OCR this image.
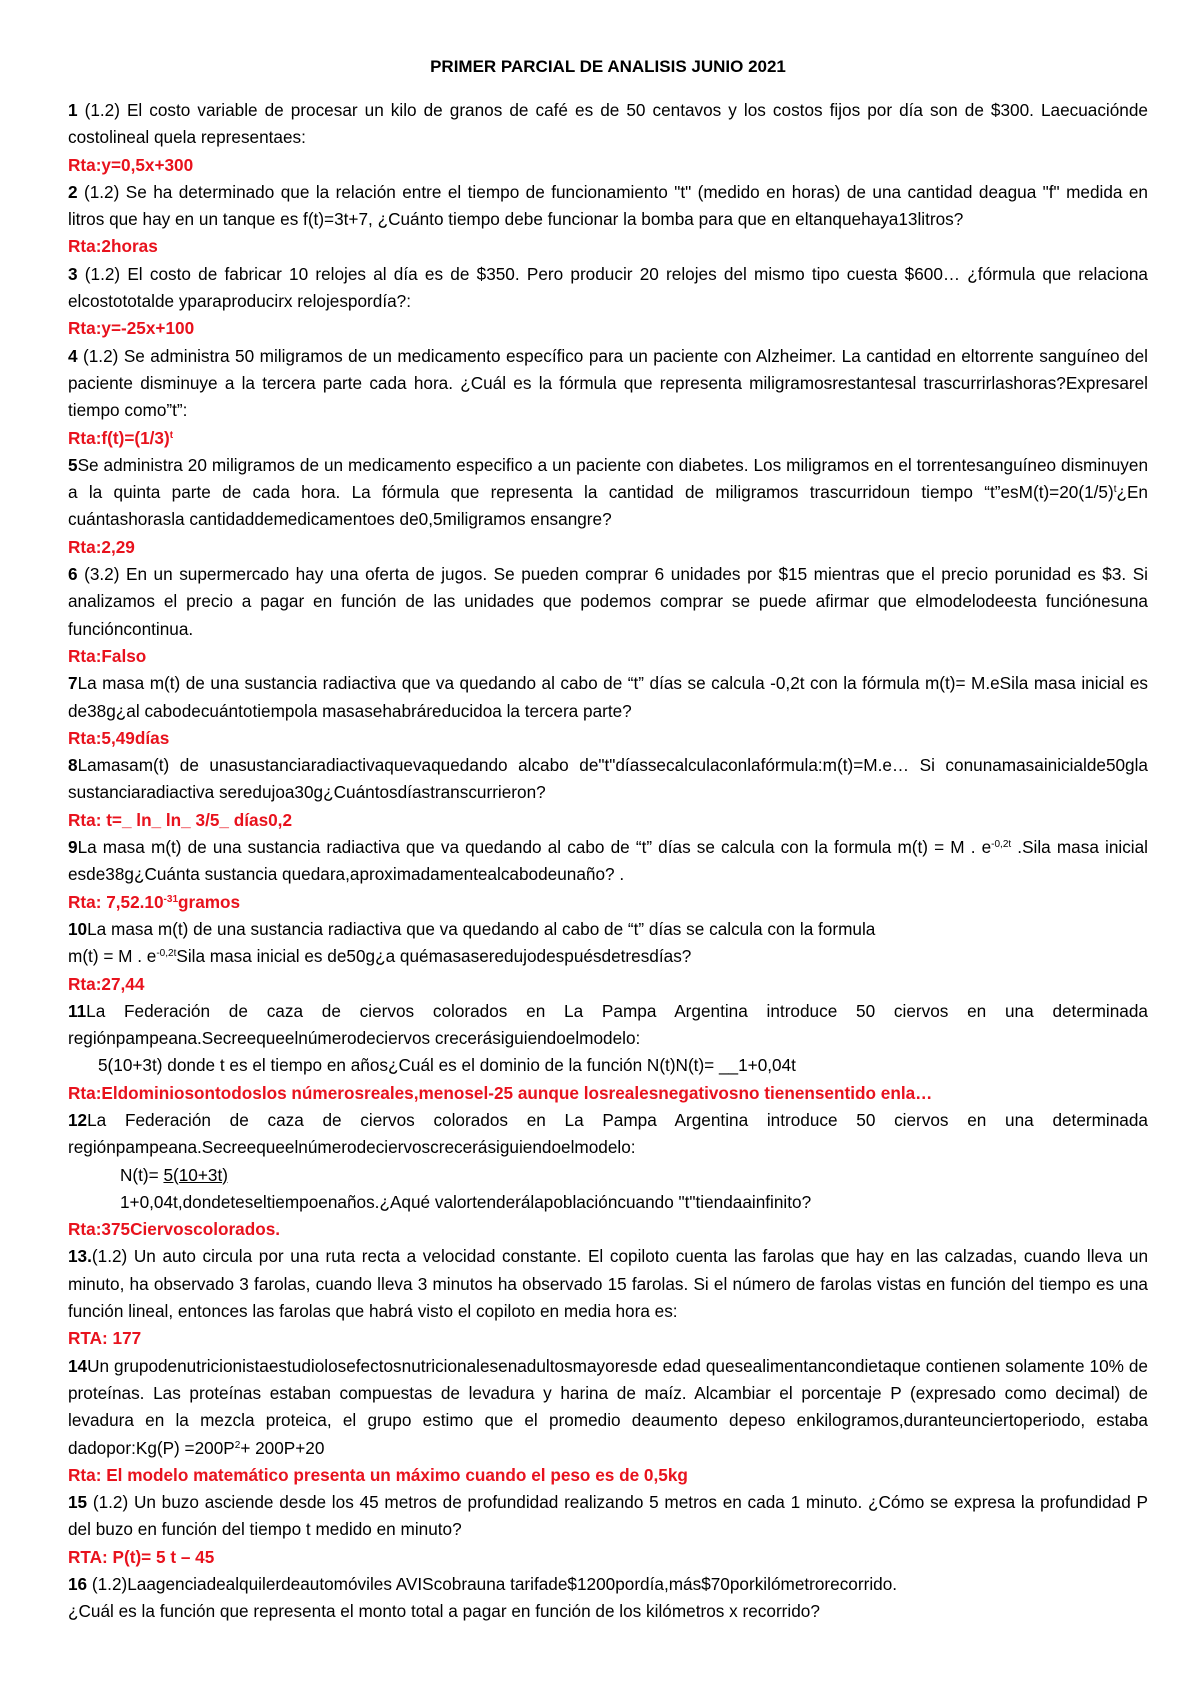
PRIMER PARCIAL DE ANALISIS JUNIO 2021

1 (1.2) El costo variable de procesar un kilo de granos de café es de 50 centavos y los costos fijos por día son de $300. Laecuaciónde costolineal quela representaes:

Rta:y=0,5x+300

2 (1.2) Se ha determinado que la relación entre el tiempo de funcionamiento "t" (medido en horas) de una cantidad deagua "f" medida en litros que hay en un tanque es f(t)=3t+7, ¿Cuánto tiempo debe funcionar la bomba para que en eltanquehaya13litros?

Rta:2horas

3 (1.2) El costo de fabricar 10 relojes al día es de $350. Pero producir 20 relojes del mismo tipo cuesta $600… ¿fórmula que relaciona elcostototalde yparaproducirx relojespordía?:

Rta:y=-25x+100

4 (1.2) Se administra 50 miligramos de un medicamento específico para un paciente con Alzheimer. La cantidad en eltorrente sanguíneo del paciente disminuye a la tercera parte cada hora. ¿Cuál es la fórmula que representa miligramosrestantesal trascurrirlashoras?Expresarel tiempo como”t”:

$Rta:f(t)=(1/3)^t$

5Se administra 20 miligramos de un medicamento especifico a un paciente con diabetes. Los miligramos en el torrentesanguíneo disminuyen a la quinta parte de cada hora. La fórmula que representa la cantidad de miligramos trascurridoun tiempo “$t”esM(t)=20(1/5)^t¿En$ cuántashorasla cantidaddemedicamentoes de0,5miligramos ensangre?

Rta:2,29

6 (3.2) En un supermercado hay una oferta de jugos. Se pueden comprar 6 unidades por $15 mientras que el precio porunidad es $3. Si analizamos el precio a pagar en función de las unidades que podemos comprar se puede afirmar que elmodelodeesta funciónesuna funcióncontinua.

Rta:Falso

7La masa m(t) de una sustancia radiactiva que va quedando al cabo de “t” días se calcula -0,2t con la fórmula m(t)= M.eSila masa inicial es de38g¿al cabodecuántotiempola masasehabráreducidoa la tercera parte?

Rta:5,49días

8Lamasam(t) de unasustanciaradiactivaquevaquedando alcabo de"t"díassecalculaconlafórmula:m(t)=M.e… Si conunamasainicialde50gla sustanciaradiactiva seredujoa30g¿Cuántosdíastranscurrieron?

Rta: t=_ ln_ ln_ 3/5_ días0,2

9La masa m(t) de una sustancia radiactiva que va quedando al cabo de “t” días se calcula con la formula m(t) = M . $e^{-0,2t}$ .Sila masa inicial esde38g¿Cuánta sustancia quedara,aproximadamentealcabodeunaño? .

Rta: $7,52.10^{-31}gramos$

10La masa m(t) de una sustancia radiactiva que va quedando al cabo de “t” días se calcula con la formula

m(t) = M . $e^{-0,2t}Sila$ masa inicial es de50g¿a quémasaseredujodespuésdetresdías?

Rta:27,44

11La Federación de caza de ciervos colorados en La Pampa Argentina introduce 50 ciervos en una determinada regiónpampeana.Secreequeelnúmerodeciervos crecerásiguiendoelmodelo:

5(10+3t) donde t es el tiempo en años¿Cuál es el dominio de la función N(t)N(t)= __1+0,04t

Rta:Eldominiosontodoslos númerosreales,menosel-25 aunque losrealesnegativosno tienensentido enla…

12La Federación de caza de ciervos colorados en La Pampa Argentina introduce 50 ciervos en una determinada regiónpampeana.Secreequeelnúmerodeciervoscrecerásiguiendoelmodelo:

N(t)= 5(10+3t)

1+0,04t,dondeteseltiempoenaños.¿Aqué valortenderálapoblacióncuando "t"tiendaainfinito?

Rta:375Ciervoscolorados.

13.(1.2) Un auto circula por una ruta recta a velocidad constante. El copiloto cuenta las farolas que hay en las calzadas, cuando lleva un minuto, ha observado 3 farolas, cuando lleva 3 minutos ha observado 15 farolas. Si el número de farolas vistas en función del tiempo es una función lineal, entonces las farolas que habrá visto el copiloto en media hora es:

RTA: 177

14Un grupodenutricionistaestudiolosefectosnutricionalesenadultosmayoresde edad quesealimentancondietaque contienen solamente 10% de proteínas. Las proteínas estaban compuestas de levadura y harina de maíz. Alcambiar el porcentaje P (expresado como decimal) de levadura en la mezcla proteica, el grupo estimo que el promedio deaumento depeso enkilogramos,duranteunciertoperiodo, estaba dadopor:Kg(P) $=200P^2+ 200P+20$

Rta: El modelo matemático presenta un máximo cuando el peso es de 0,5kg

15 (1.2) Un buzo asciende desde los 45 metros de profundidad realizando 5 metros en cada 1 minuto. ¿Cómo se expresa la profundidad P del buzo en función del tiempo t medido en minuto?

RTA: P(t)= 5 t – 45

16 (1.2)Laagenciadealquilerdeautomóviles AVIScobrauna tarifade$1200pordía,más$70porkilómetrorecorrido.

¿Cuál es la función que representa el monto total a pagar en función de los kilómetros x recorrido?
